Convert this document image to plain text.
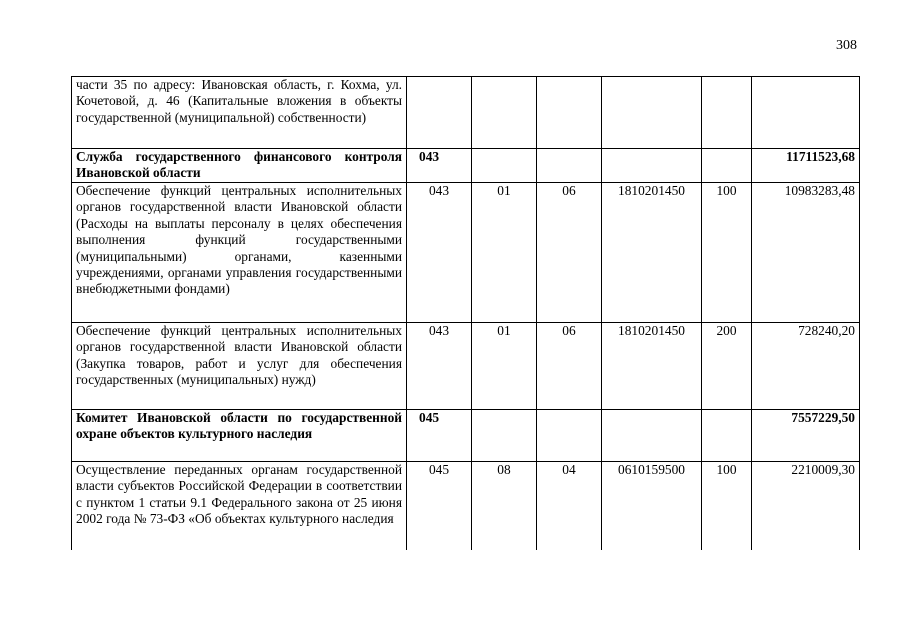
308
части 35 по адресу: Ивановская область, г. Кохма, ул. Кочетовой, д. 46 (Капитальные вложения в объекты государственной (муниципальной) собственности)						
Служба государственного финансового контроля Ивановской области	043					11711523,68
Обеспечение функций центральных исполнительных органов государственной власти Ивановской области (Расходы на выплаты персоналу в целях обеспечения выполнения функций государственными (муниципальными) органами, казенными учреждениями, органами управления государственными внебюджетными фондами)	043	01	06	1810201450	100	10983283,48
Обеспечение функций центральных исполнительных органов государственной власти Ивановской области (Закупка товаров, работ и услуг для обеспечения государственных (муниципальных) нужд)	043	01	06	1810201450	200	728240,20
Комитет Ивановской области по государственной охране объектов культурного наследия	045					7557229,50
Осуществление переданных органам государственной власти субъектов Российской Федерации в соответствии с пунктом 1 статьи 9.1 Федерального закона от 25 июня 2002 года № 73-ФЗ «Об объектах культурного наследия	045	08	04	0610159500	100	2210009,30
